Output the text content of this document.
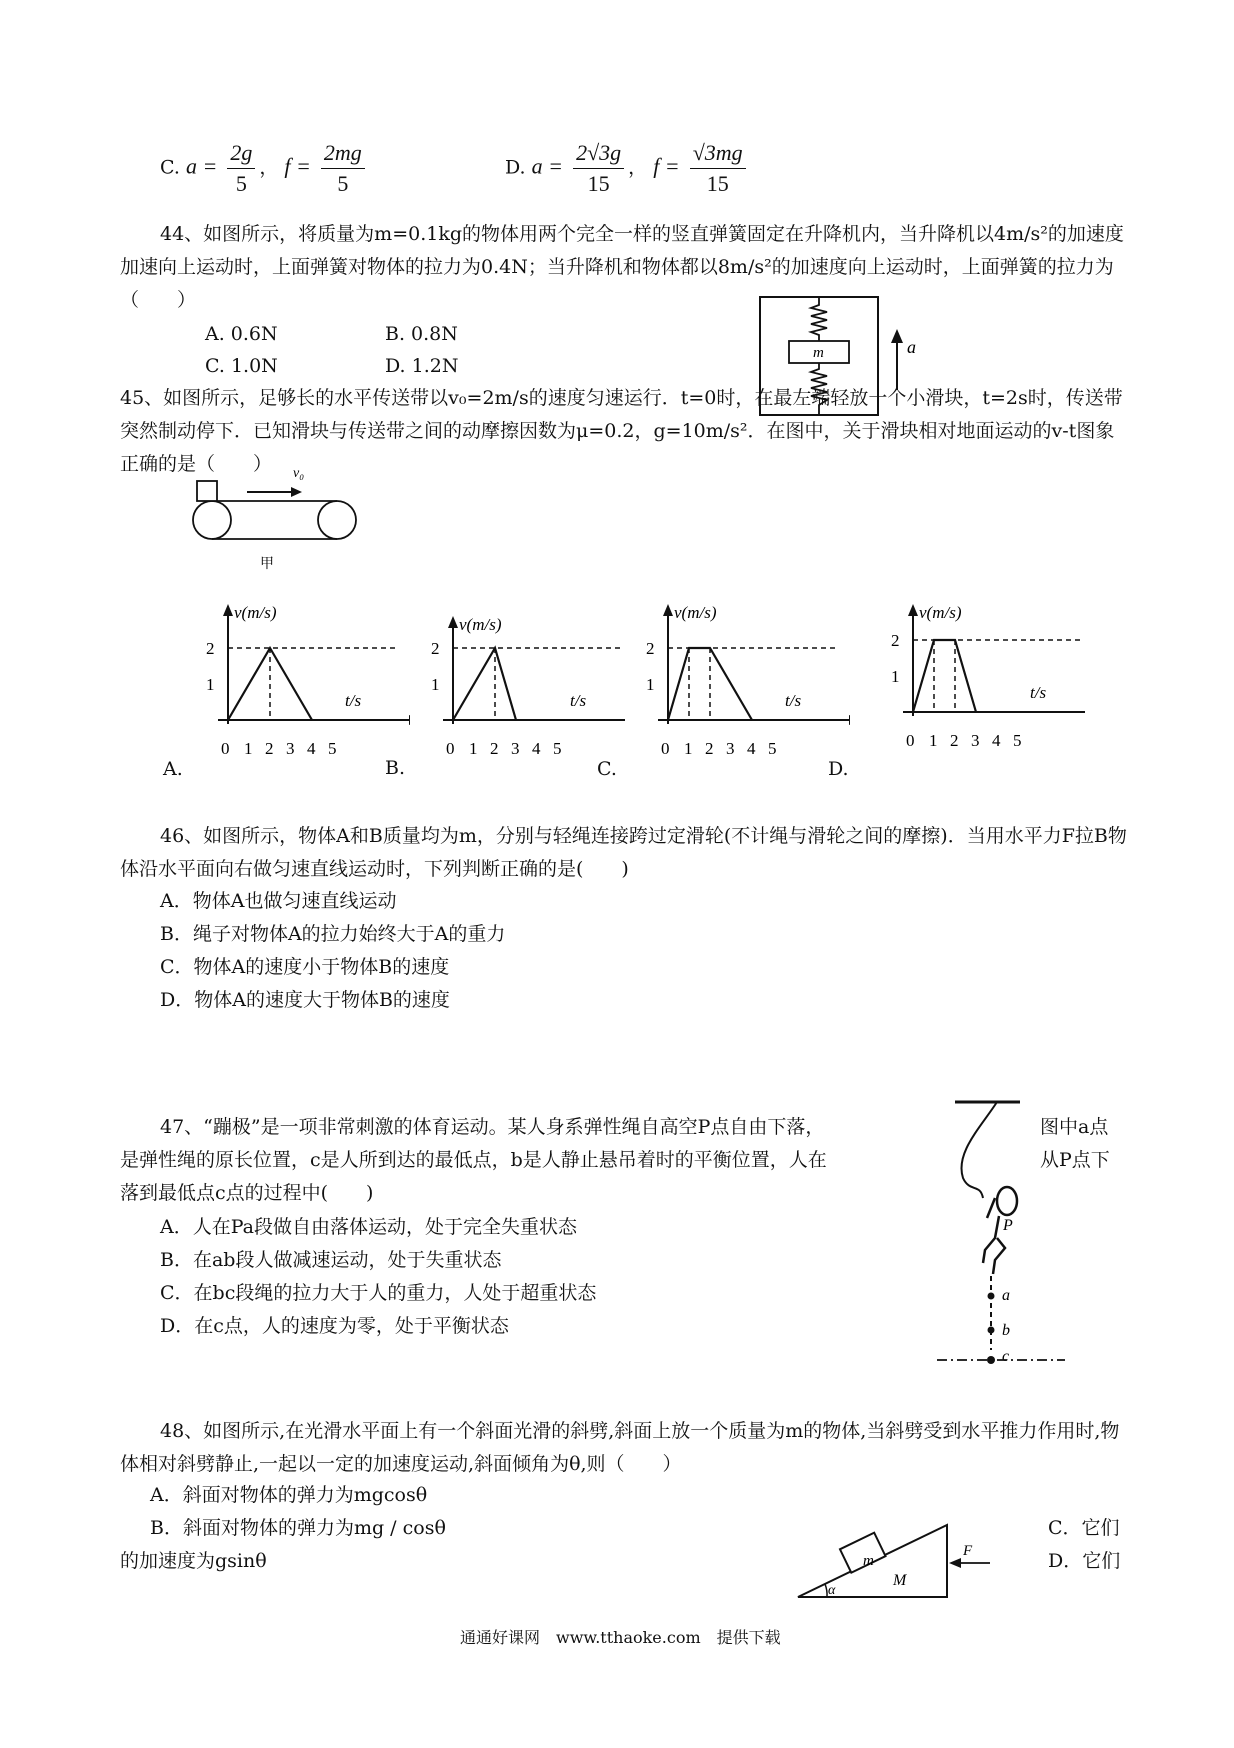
C. $a = \frac{2g}{5}$ ， $f = \frac{2mg}{5}$	D. $a = \frac{2√3g}{15}$ ， $f = \frac{√3mg}{15}$
44、如图所示，将质量为m=0.1kg的物体用两个完全一样的竖直弹簧固定在升降机内，当升降机以4m/s²的加速度加速向上运动时，上面弹簧对物体的拉力为0.4N；当升降机和物体都以8m/s²的加速度向上运动时，上面弹簧的拉力为（　　）
A. 0.6N	B. 0.8N
C. 1.0N	D. 1.2N
m	a
45、如图所示，足够长的水平传送带以v₀=2m/s的速度匀速运行．t=0时，在最左端轻放一个小滑块，t=2s时，传送带突然制动停下．已知滑块与传送带之间的动摩擦因数为μ=0.2，g=10m/s²．在图中，关于滑块相对地面运动的v-t图象正确的是（　　）	v₀
甲
v(m/s)
t/s
2
1
0 1 2 3 4 5
A.
v(m/s)
t/s
2
1
0 1 2 3 4 5
B.
v(m/s)
t/s
2
1
0 1 2 3 4 5
C.
v(m/s)
t/s
2
1
0 1 2 3 4 5
D.
46、如图所示，物体A和B质量均为m，分别与轻绳连接跨过定滑轮(不计绳与滑轮之间的摩擦)．当用水平力F拉B物体沿水平面向右做匀速直线运动时，下列判断正确的是(　　)
A．物体A也做匀速直线运动
B．绳子对物体A的拉力始终大于A的重力
C．物体A的速度小于物体B的速度
D．物体A的速度大于物体B的速度
47、“蹦极”是一项非常刺激的体育运动。某人身系弹性绳自高空P点自由下落，	图中a点
是弹性绳的原长位置，c是人所到达的最低点，b是人静止悬吊着时的平衡位置，人在	从P点下
落到最低点c点的过程中(　　)
A．人在Pa段做自由落体运动，处于完全失重状态
B．在ab段人做减速运动，处于失重状态
C．在bc段绳的拉力大于人的重力，人处于超重状态
D．在c点，人的速度为零，处于平衡状态
P
a
b
c
48、如图所示,在光滑水平面上有一个斜面光滑的斜劈,斜面上放一个质量为m的物体,当斜劈受到水平推力作用时,物体相对斜劈静止,一起以一定的加速度运动,斜面倾角为θ,则（　　）
A．斜面对物体的弹力为mgcosθ
B．斜面对物体的弹力为mg / cosθ	C．它们
的加速度为gsinθ	D．它们
m
M
α
F
通通好课网　www.tthaoke.com　提供下载
